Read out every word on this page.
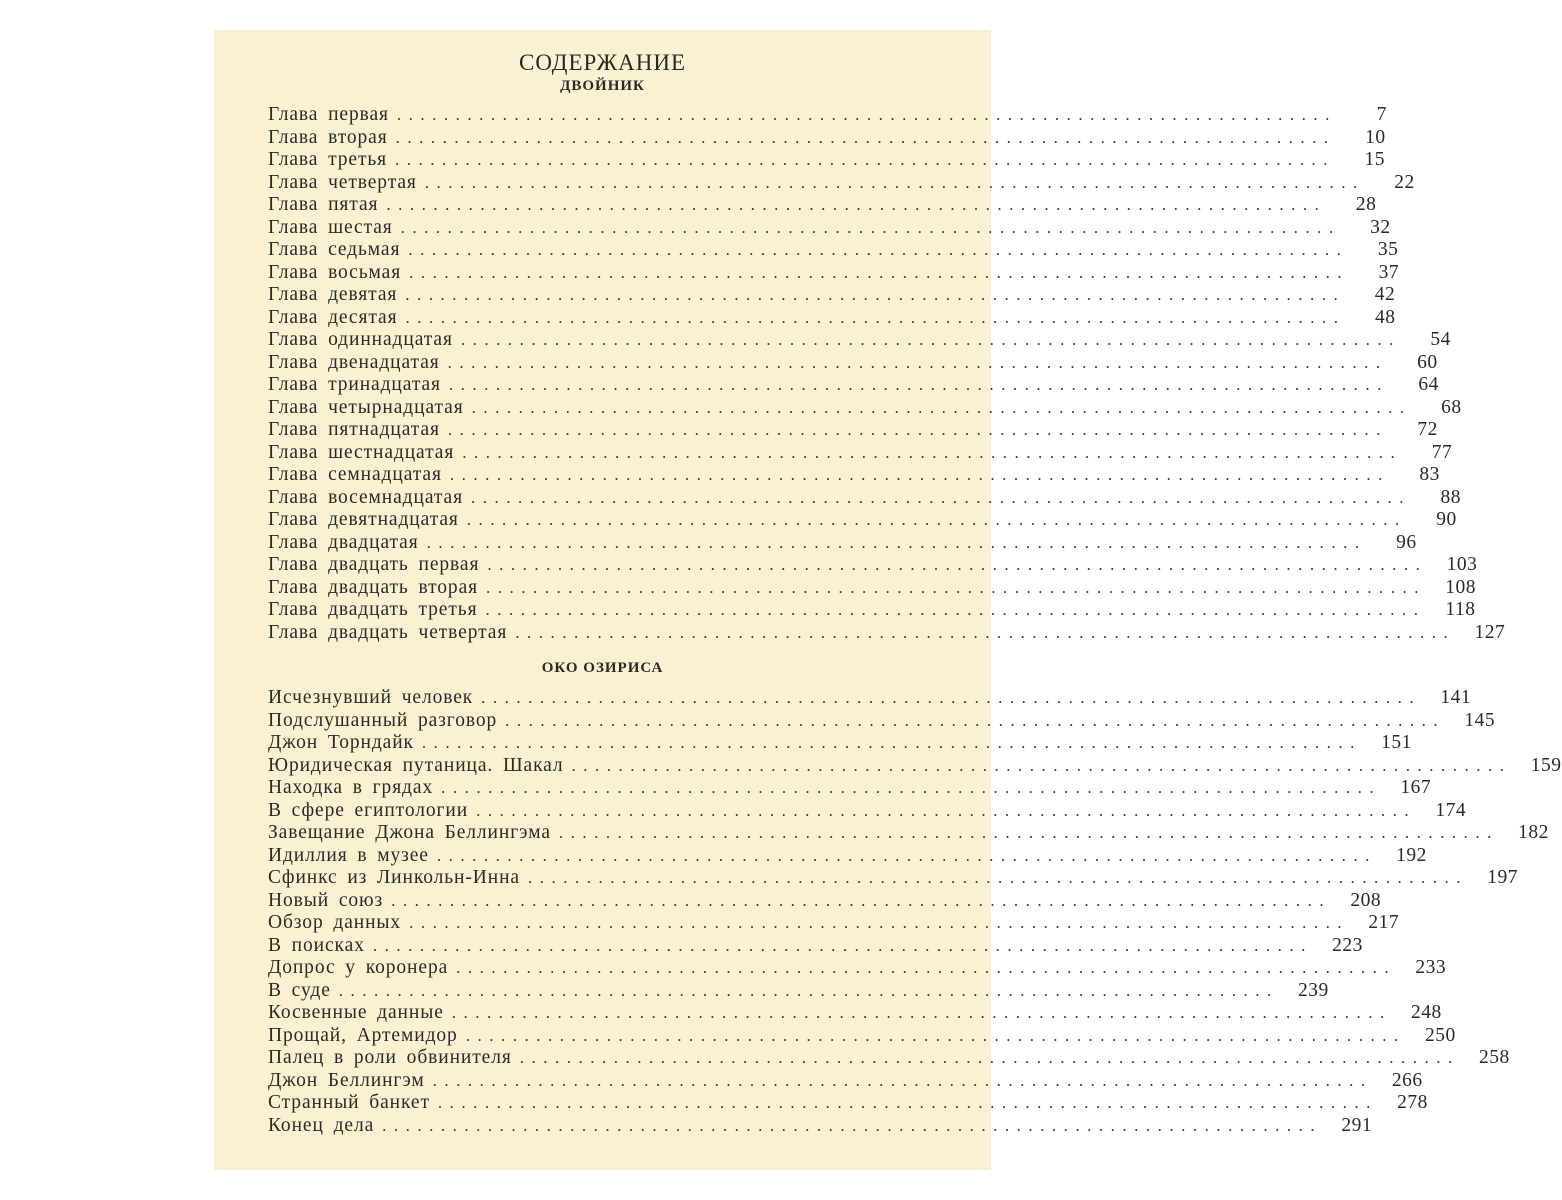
СОДЕРЖАНИЕ
ДВОЙНИК
Глава первая ................................................................................	7
Глава вторая ................................................................................	10
Глава третья ................................................................................	15
Глава четвертая ................................................................................	22
Глава пятая ................................................................................	28
Глава шестая ................................................................................	32
Глава седьмая ................................................................................	35
Глава восьмая ................................................................................	37
Глава девятая ................................................................................	42
Глава десятая ................................................................................	48
Глава одиннадцатая ................................................................................	54
Глава двенадцатая ................................................................................	60
Глава тринадцатая ................................................................................	64
Глава четырнадцатая ................................................................................	68
Глава пятнадцатая ................................................................................	72
Глава шестнадцатая ................................................................................	77
Глава семнадцатая ................................................................................	83
Глава восемнадцатая ................................................................................	88
Глава девятнадцатая ................................................................................	90
Глава двадцатая ................................................................................	96
Глава двадцать первая ................................................................................ 103
Глава двадцать вторая ................................................................................ 108
Глава двадцать третья ................................................................................	118
Глава двадцать четвертая ................................................................................ 127
ОКО ОЗИРИСА
Исчезнувший человек ................................................................................ 141
Подслушанный разговор ................................................................................ 145
Джон Торндайк ................................................................................ 151
Юридическая путаница. Шакал ................................................................................ 159
Находка в грядах ................................................................................ 167
В сфере египтологии ................................................................................ 174
Завещание Джона Беллингэма ................................................................................ 182
Идиллия в музее ................................................................................ 192
Сфинкс из Линкольн-Инна ................................................................................ 197
Новый союз ................................................................................ 208
Обзор данных ................................................................................ 217
В поисках ................................................................................ 223
Допрос у коронера ................................................................................ 233
В суде ................................................................................ 239
Косвенные данные ................................................................................ 248
Прощай, Артемидор ................................................................................ 250
Палец в роли обвинителя ................................................................................ 258
Джон Беллингэм ................................................................................ 266
Странный банкет ................................................................................ 278
Конец дела ................................................................................ 291
